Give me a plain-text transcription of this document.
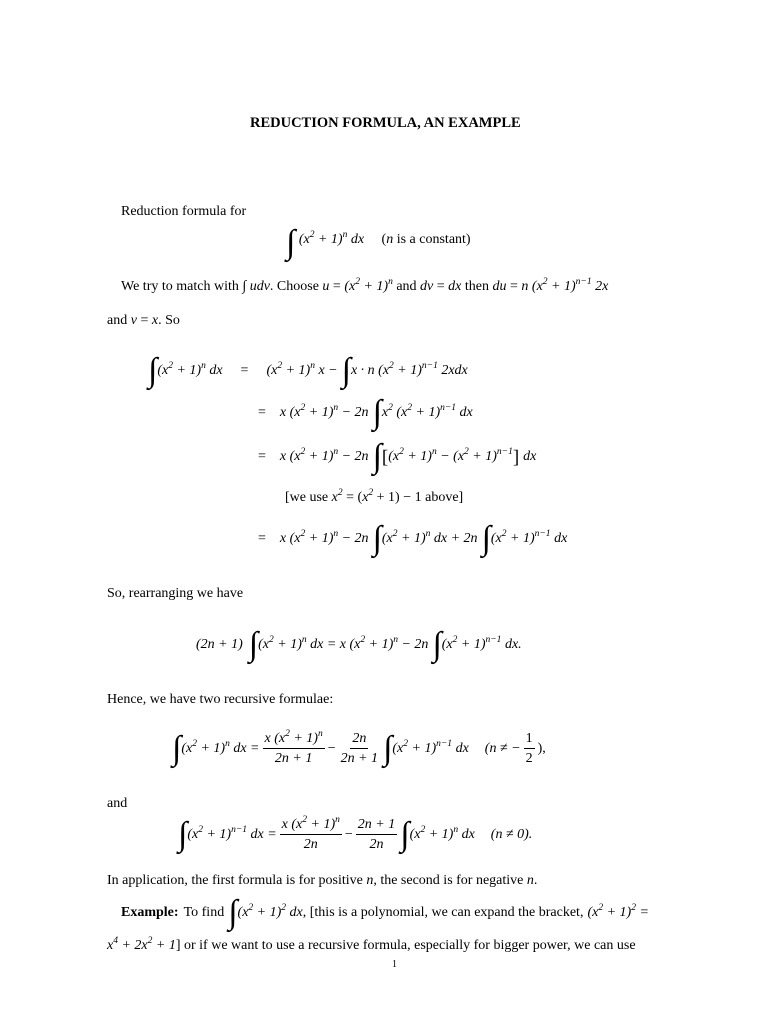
REDUCTION FORMULA, AN EXAMPLE
Reduction formula for
∫ $(x^2 + 1)^n$ dx (n is a constant)
We try to match with ∫ udv. Choose $u = (x^2 + 1)^n$ and dv = dx then du = n $(x^2 + 1)^{n-1}$ 2x
and v = x. So
∫ $(x^2 + 1)^n$ dx = $(x^2 + 1)^n$ x − ∫ x · n $(x^2 + 1)^{n-1}$ 2xdx
= x $(x^2 + 1)^n - 2n$ ∫ $x^2$ $(x^2 + 1)^{n-1}$ dx
= x $(x^2 + 1)^n - 2n$ ∫ [ $(x^2 + 1)^n - (x^2 + 1)^{n-1}$ ] dx
[we use $x^2 = (x^2 + 1) - 1$ above]
= x $(x^2 + 1)^n - 2n$ ∫ $(x^2 + 1)^n$ dx + 2n ∫ $(x^2 + 1)^{n-1}$ dx
So, rearranging we have
(2n + 1) ∫ $(x^2 + 1)^n$ dx = x $(x^2 + 1)^n - 2n$ ∫ $(x^2 + 1)^{n-1}$ dx.
Hence, we have two recursive formulae:
∫ $(x^2 + 1)^n$ dx = $\frac{x (x^2 + 1)^n}{2n + 1} - \frac{2n}{2n + 1}$ ∫ $(x^2 + 1)^{n-1}$ dx (n ≠ − $\frac{1}{2}$ ),
and
∫ $(x^2 + 1)^{n-1}$ dx = $\frac{x (x^2 + 1)^n}{2n} - \frac{2n + 1}{2n}$ ∫ $(x^2 + 1)^n$ dx (n ≠ 0).
In application, the first formula is for positive n, the second is for negative n.
Example: To find ∫ $(x^2 + 1)^2$ dx , [this is a polynomial, we can expand the bracket, $(x^2 + 1)^2$ =
$x^4 + 2x^2 + 1$] or if we want to use a recursive formula, especially for bigger power, we can use
1
